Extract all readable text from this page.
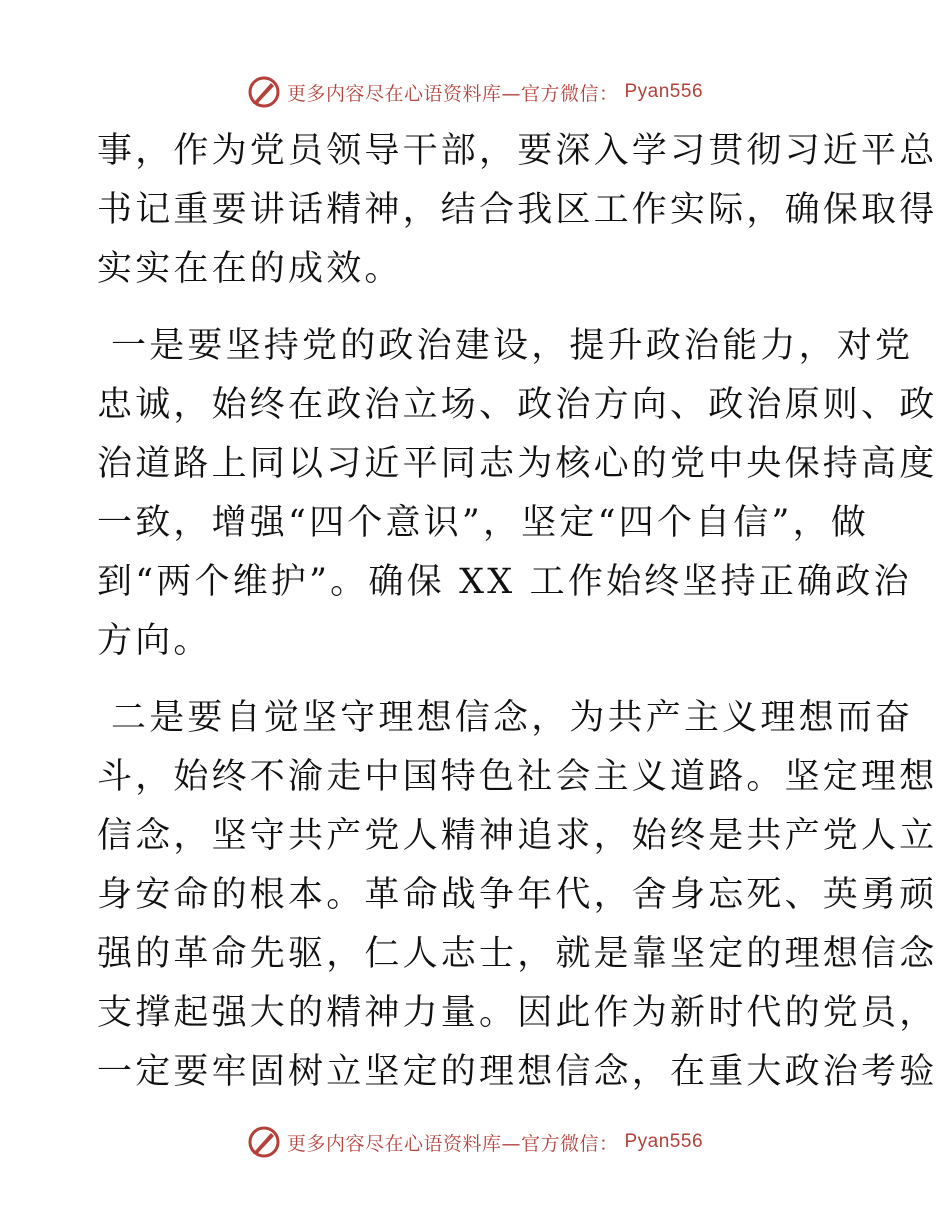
更多内容尽在心语资料库—官方微信： Pyan556
事，作为党员领导干部，要深入学习贯彻习近平总
书记重要讲话精神，结合我区工作实际，确保取得
实实在在的成效。
一是要坚持党的政治建设，提升政治能力，对党
忠诚，始终在政治立场、政治方向、政治原则、政
治道路上同以习近平同志为核心的党中央保持高度
一致，增强“四个意识”，坚定“四个自信”，做
到“两个维护”。确保 XX 工作始终坚持正确政治
方向。
二是要自觉坚守理想信念，为共产主义理想而奋
斗，始终不渝走中国特色社会主义道路。坚定理想
信念，坚守共产党人精神追求，始终是共产党人立
身安命的根本。革命战争年代，舍身忘死、英勇顽
强的革命先驱，仁人志士，就是靠坚定的理想信念
支撑起强大的精神力量。因此作为新时代的党员，
一定要牢固树立坚定的理想信念，在重大政治考验
更多内容尽在心语资料库—官方微信： Pyan556
